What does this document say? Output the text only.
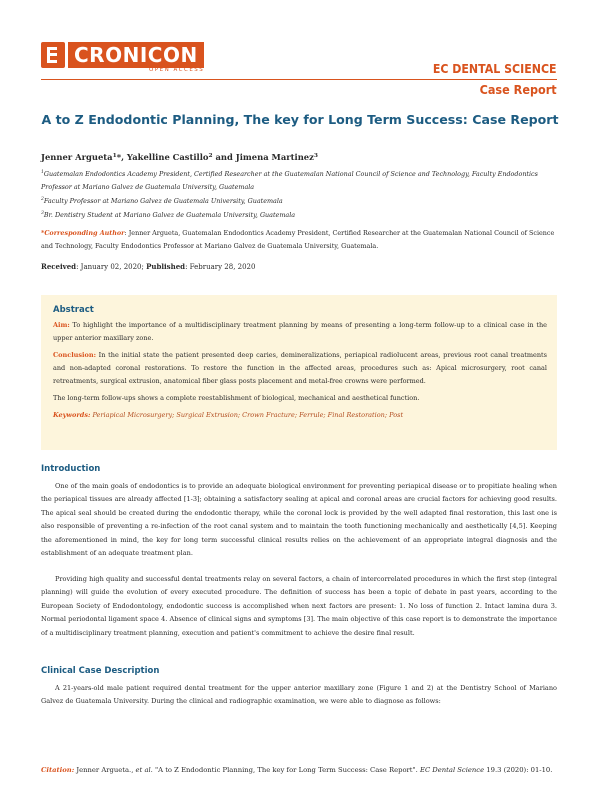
CRONICON
OPEN ACCESS	EC DENTAL SCIENCE
Case Report
A to Z Endodontic Planning, The key for Long Term Success: Case Report
Jenner Argueta$^1$*, Yakelline Castillo$^2$ and Jimena Martinez$^3$
$^1$Guatemalan Endodontics Academy President, Certified Researcher at the Guatemalan National Council of Science and Technology, Faculty Endodontics Professor at Mariano Galvez de Guatemala University, Guatemala
$^2$Faculty Professor at Mariano Galvez de Guatemala University, Guatemala
$^3$Br. Dentistry Student at Mariano Galvez de Guatemala University, Guatemala
*Corresponding Author: Jenner Argueta, Guatemalan Endodontics Academy President, Certified Researcher at the Guatemalan National Council of Science and Technology, Faculty Endodontics Professor at Mariano Galvez de Guatemala University, Guatemala.
Received: January 02, 2020; Published: February 28, 2020
Abstract

Aim: To highlight the importance of a multidisciplinary treatment planning by means of presenting a long-term follow-up to a clinical case in the upper anterior maxillary zone.

Conclusion: In the initial state the patient presented deep caries, demineralizations, periapical radiolucent areas, previous root canal treatments and non-adapted coronal restorations. To restore the function in the affected areas, procedures such as: Apical microsurgery, root canal retreatments, surgical extrusion, anatomical fiber glass posts placement and metal-free crowns were performed.

The long-term follow-ups shows a complete reestablishment of biological, mechanical and aesthetical function.

Keywords: Periapical Microsurgery; Surgical Extrusion; Crown Fracture; Ferrule; Final Restoration; Post
Introduction
One of the main goals of endodontics is to provide an adequate biological environment for preventing periapical disease or to propitiate healing when the periapical tissues are already affected [1-3]; obtaining a satisfactory sealing at apical and coronal areas are crucial factors for achieving good results. The apical seal should be created during the endodontic therapy, while the coronal lock is provided by the well adapted final restoration, this last one is also responsible of preventing a re-infection of the root canal system and to maintain the tooth functioning mechanically and aesthetically [4,5]. Keeping the aforementioned in mind, the key for long term successful clinical results relies on the achievement of an appropriate integral diagnosis and the establishment of an adequate treatment plan.
Providing high quality and successful dental treatments relay on several factors, a chain of intercorrelated procedures in which the first step (integral planning) will guide the evolution of every executed procedure. The definition of success has been a topic of debate in past years, according to the European Society of Endodontology, endodontic success is accomplished when next factors are present: 1. No loss of function 2. Intact lamina dura 3. Normal periodontal ligament space 4. Absence of clinical signs and symptoms [3]. The main objective of this case report is to demonstrate the importance of a multidisciplinary treatment planning, execution and patient's commitment to achieve the desire final result.
Clinical Case Description
A 21-years-old male patient required dental treatment for the upper anterior maxillary zone (Figure 1 and 2) at the Dentistry School of Mariano Galvez de Guatemala University. During the clinical and radiographic examination, we were able to diagnose as follows:
Citation: Jenner Argueta., et al. "A to Z Endodontic Planning, The key for Long Term Success: Case Report". EC Dental Science 19.3 (2020): 01-10.
